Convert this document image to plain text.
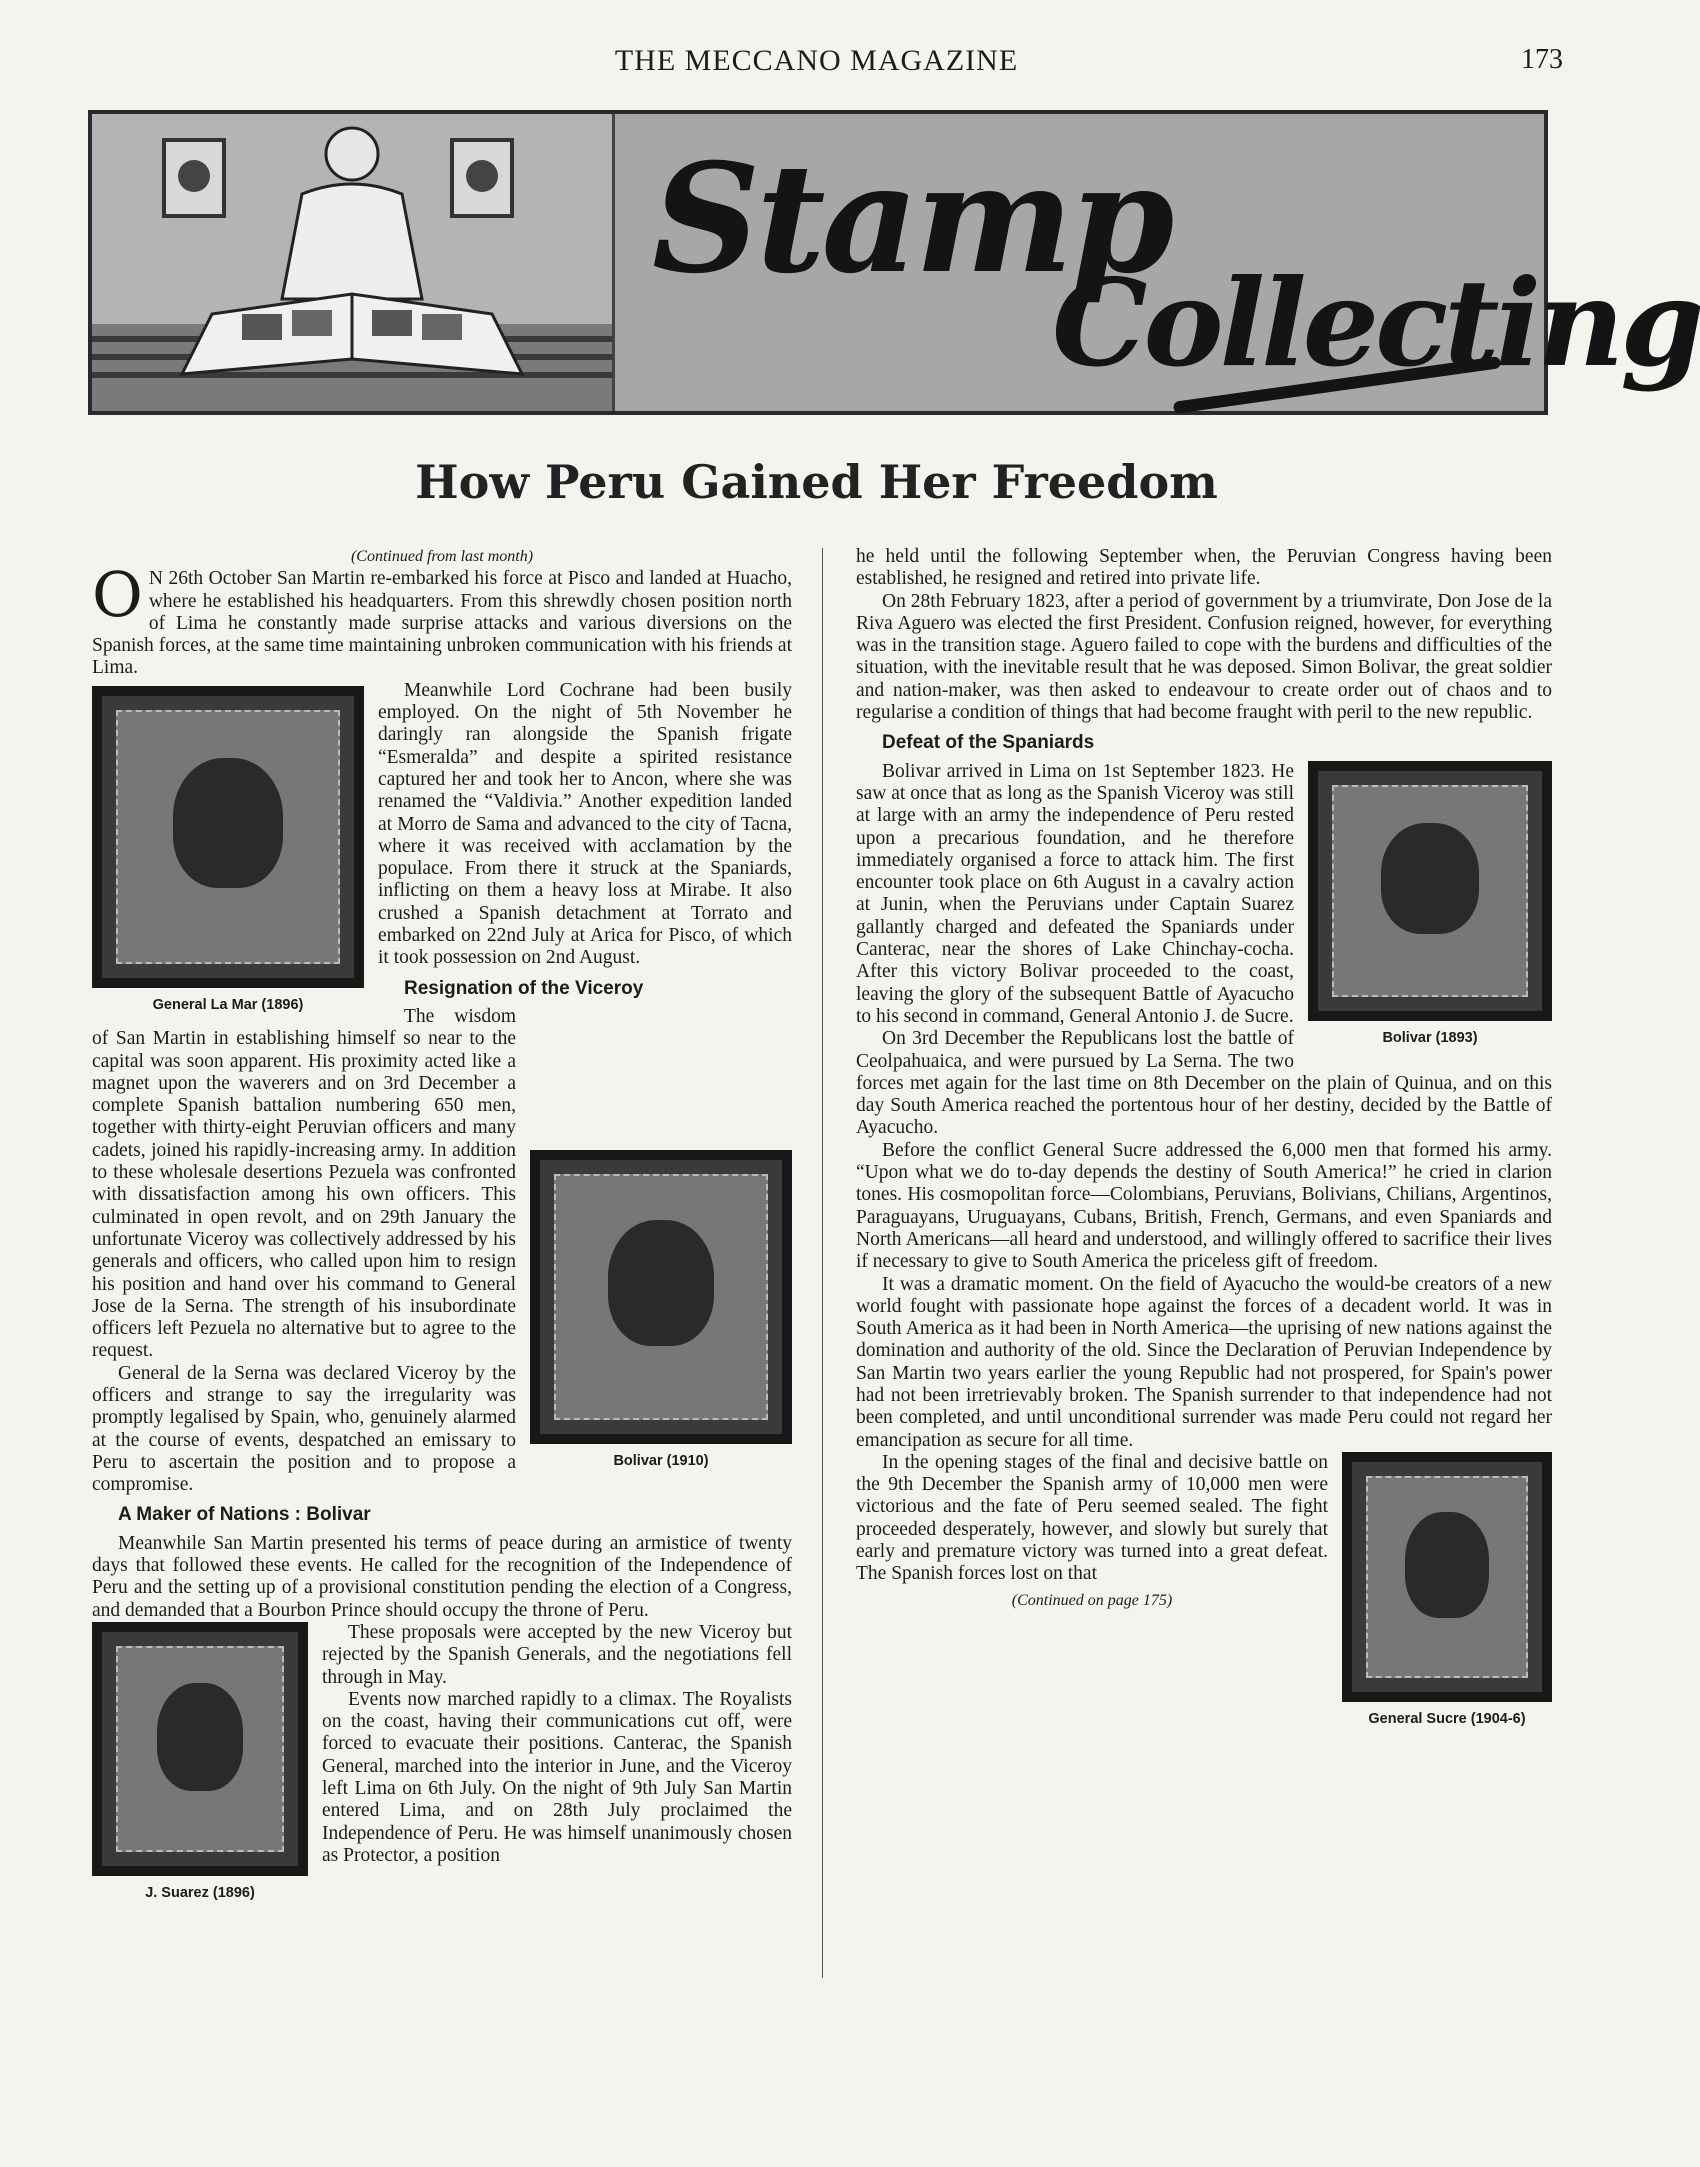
THE MECCANO MAGAZINE	173
Stamp
Collecting
How Peru Gained Her Freedom

(Continued from last month)

O N 26th October San Martin re-embarked his force at Pisco and landed at Huacho, where he established his headquarters. From this shrewdly chosen position north of Lima he constantly made surprise attacks and various diversions on the Spanish forces, at the same time maintaining unbroken communication with his friends at Lima.

General La Mar (1896)

Meanwhile Lord Cochrane had been busily employed. On the night of 5th November he daringly ran alongside the Spanish frigate “Esmeralda” and despite a spirited resistance captured her and took her to Ancon, where she was renamed the “Valdivia.” Another expedition landed at Morro de Sama and advanced to the city of Tacna, where it was received with acclamation by the populace. From there it struck at the Spaniards, inflicting on them a heavy loss at Mirabe. It also crushed a Spanish detachment at Torrato and embarked on 22nd July at Arica for Pisco, of which it took possession on 2nd August.

Resignation of the Viceroy

Bolivar (1910)

The wisdom of San Martin in establishing himself so near to the capital was soon apparent. His proximity acted like a magnet upon the waverers and on 3rd December a complete Spanish battalion numbering 650 men, together with thirty-eight Peruvian officers and many cadets, joined his rapidly-increasing army. In addition to these wholesale desertions Pezuela was confronted with dissatisfaction among his own officers. This culminated in open revolt, and on 29th January the unfortunate Viceroy was collectively addressed by his generals and officers, who called upon him to resign his position and hand over his command to General Jose de la Serna. The strength of his insubordinate officers left Pezuela no alternative but to agree to the request.

General de la Serna was declared Viceroy by the officers and strange to say the irregularity was promptly legalised by Spain, who, genuinely alarmed at the course of events, despatched an emissary to Peru to ascertain the position and to propose a compromise.

A Maker of Nations : Bolivar

Meanwhile San Martin presented his terms of peace during an armistice of twenty days that followed these events. He called for the recognition of the Independence of Peru and the setting up of a provisional constitution pending the election of a Congress, and demanded that a Bourbon Prince should occupy the throne of Peru.

J. Suarez (1896)

These proposals were accepted by the new Viceroy but rejected by the Spanish Generals, and the negotiations fell through in May.

Events now marched rapidly to a climax. The Royalists on the coast, having their communications cut off, were forced to evacuate their positions. Canterac, the Spanish General, marched into the interior in June, and the Viceroy left Lima on 6th July. On the night of 9th July San Martin entered Lima, and on 28th July proclaimed the Independence of Peru. He was himself unanimously chosen as Protector, a position

he held until the following September when, the Peruvian Congress having been established, he resigned and retired into private life.

On 28th February 1823, after a period of government by a triumvirate, Don Jose de la Riva Aguero was elected the first President. Confusion reigned, however, for everything was in the transition stage. Aguero failed to cope with the burdens and difficulties of the situation, with the inevitable result that he was deposed. Simon Bolivar, the great soldier and nation-maker, was then asked to endeavour to create order out of chaos and to regularise a condition of things that had become fraught with peril to the new republic.

Defeat of the Spaniards

Bolivar (1893)

Bolivar arrived in Lima on 1st September 1823. He saw at once that as long as the Spanish Viceroy was still at large with an army the independence of Peru rested upon a precarious foundation, and he therefore immediately organised a force to attack him. The first encounter took place on 6th August in a cavalry action at Junin, when the Peruvians under Captain Suarez gallantly charged and defeated the Spaniards under Canterac, near the shores of Lake Chinchay-cocha. After this victory Bolivar proceeded to the coast, leaving the glory of the subsequent Battle of Ayacucho to his second in command, General Antonio J. de Sucre.

On 3rd December the Republicans lost the battle of Ceolpahuaica, and were pursued by La Serna. The two forces met again for the last time on 8th December on the plain of Quinua, and on this day South America reached the portentous hour of her destiny, decided by the Battle of Ayacucho.

Before the conflict General Sucre addressed the 6,000 men that formed his army. “Upon what we do to-day depends the destiny of South America!” he cried in clarion tones. His cosmopolitan force—Colombians, Peruvians, Bolivians, Chilians, Argentinos, Paraguayans, Uruguayans, Cubans, British, French, Germans, and even Spaniards and North Americans—all heard and understood, and willingly offered to sacrifice their lives if necessary to give to South America the priceless gift of freedom.

It was a dramatic moment. On the field of Ayacucho the would-be creators of a new world fought with passionate hope against the forces of a decadent world. It was in South America as it had been in North America—the uprising of new nations against the domination and authority of the old. Since the Declaration of Peruvian Independence by San Martin two years earlier the young Republic had not prospered, for Spain's power had not been irretrievably broken. The Spanish surrender to that independence had not been completed, and until unconditional surrender was made Peru could not regard her emancipation as secure for all time.

General Sucre (1904-6)

In the opening stages of the final and decisive battle on the 9th December the Spanish army of 10,000 men were victorious and the fate of Peru seemed sealed. The fight proceeded desperately, however, and slowly but surely that early and premature victory was turned into a great defeat. The Spanish forces lost on that

(Continued on page 175)
